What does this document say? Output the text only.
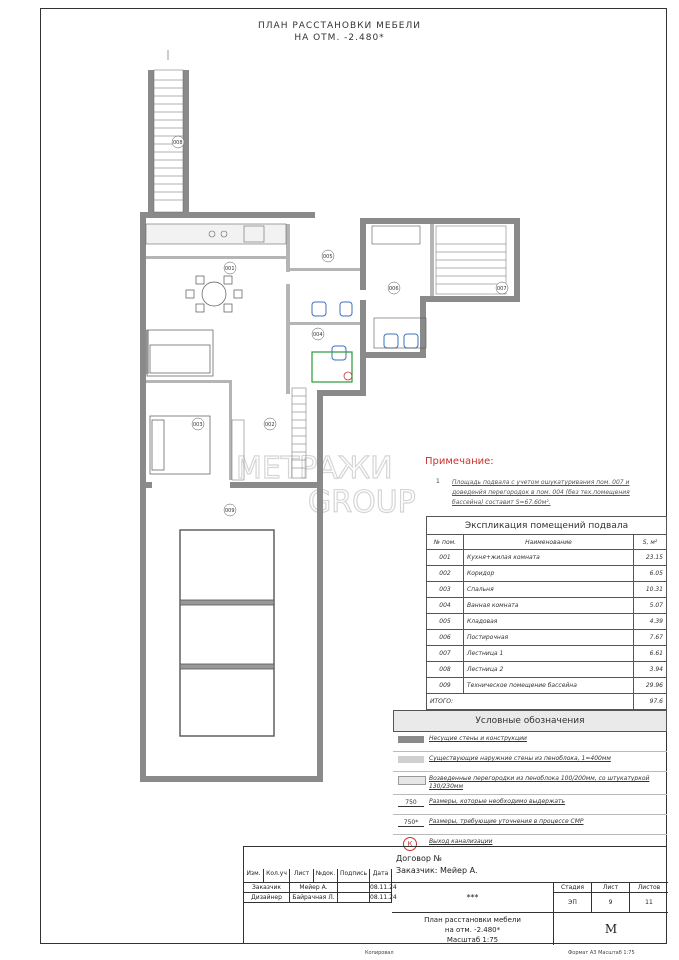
ПЛАН РАССТАНОВКИ МЕБЕЛИ
НА ОТМ. -2.480*
008
001
005
006	007
004
002
003
009
МЕТРАЖИ
GROUP
Примечание:
1 Площадь подвала с учетом ошукатуривания пом. 007 и доведенйя перегородок в пом. 004 (без тех.помещения бассейна) составит S=67.60м².
Экспликация помещений подвала		
№ пом.	Наименование	S, м²
001	Кухня+жилая комната	23.15
002	Коридор	6.05
003	Спальня	10.31
004	Ванная комната	5.07
005	Кладовая	4.39
006	Постирочная	7.67
007	Лестница 1	6.61
008	Лестница 2	3.94
009	Техническое помещение бассейна	29.96
ИТОГО:		97.6
Условные обозначения
Несущие стены и конструкции
Существующие наружние стены из пеноблока, 1=400мм
Возведенные перегородки из пеноблока 100/200мм, со штукатуркой 130/230мм
750	Размеры, которые необходимо выдержать
750*	Размеры, требующие уточнения в процессе СМР
К	Выход канализации
Договор №
Заказчик: Мейер А.
Изм. Кол.уч	Лист	№док. Подпись Дата
Заказчик	Мейер А.	08.11.24
Дизайнер	Байрачная Л.	08.11.24	***
Стадия	Лист	Листов
ЭП	9	11
План расстановки мебели
на отм. -2.480*
Масштаб 1:75
M
Копировал	Формат А3 Масштаб 1:75
